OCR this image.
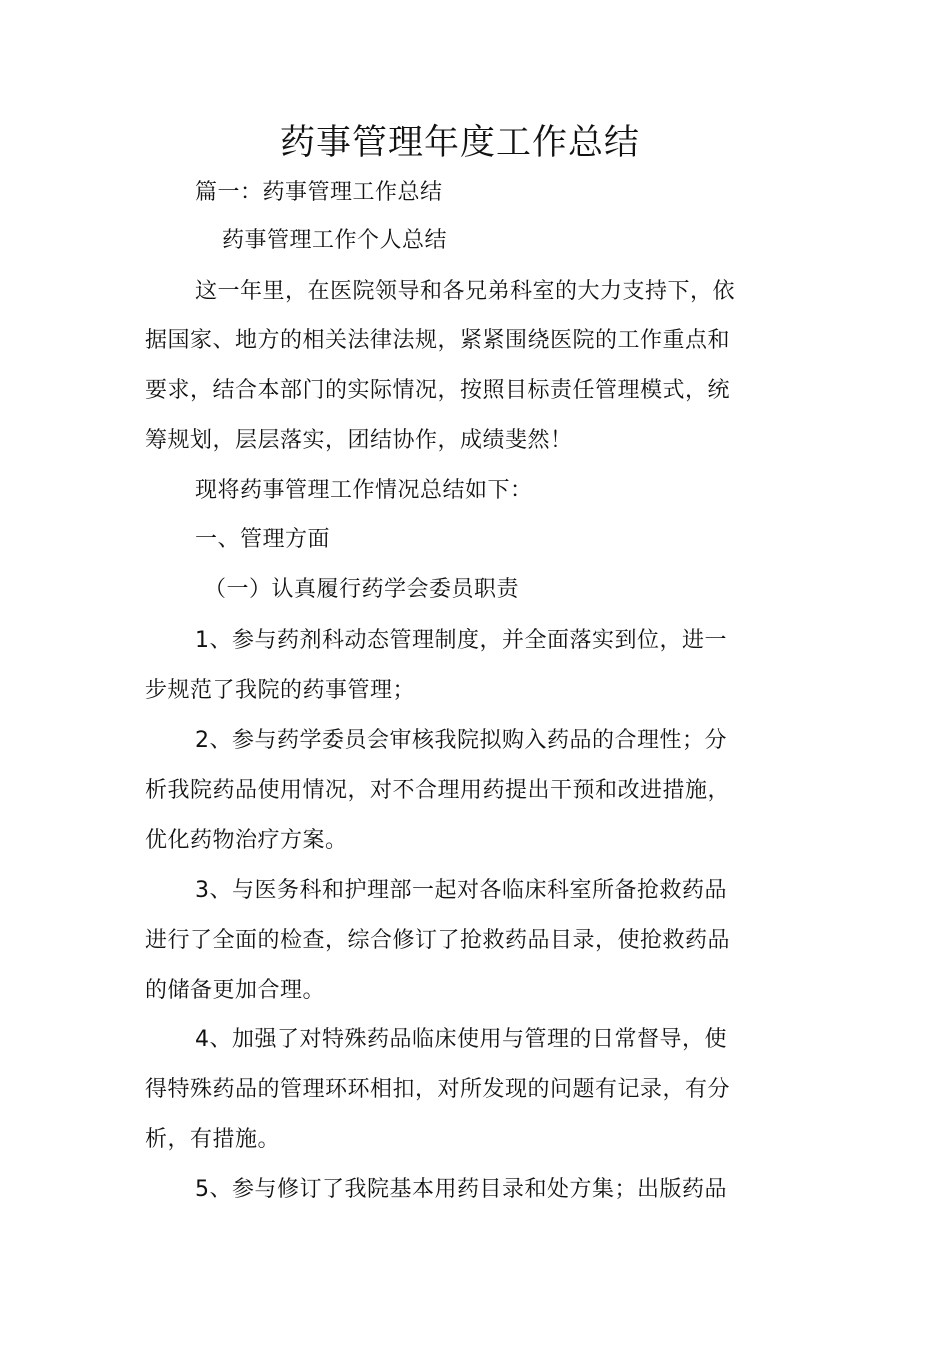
药事管理年度工作总结

篇一：药事管理工作总结

药事管理工作个人总结

这一年里，在医院领导和各兄弟科室的大力支持下，依

据国家、地方的相关法律法规，紧紧围绕医院的工作重点和

要求，结合本部门的实际情况，按照目标责任管理模式，统

筹规划，层层落实，团结协作，成绩斐然！

现将药事管理工作情况总结如下：

一、管理方面

（一）认真履行药学会委员职责

1、参与药剂科动态管理制度，并全面落实到位，进一

步规范了我院的药事管理；

2、参与药学委员会审核我院拟购入药品的合理性；分

析我院药品使用情况，对不合理用药提出干预和改进措施，

优化药物治疗方案。

3、与医务科和护理部一起对各临床科室所备抢救药品

进行了全面的检查，综合修订了抢救药品目录，使抢救药品

的储备更加合理。

4、加强了对特殊药品临床使用与管理的日常督导，使

得特殊药品的管理环环相扣，对所发现的问题有记录，有分

析，有措施。

5、参与修订了我院基本用药目录和处方集；出版药品
